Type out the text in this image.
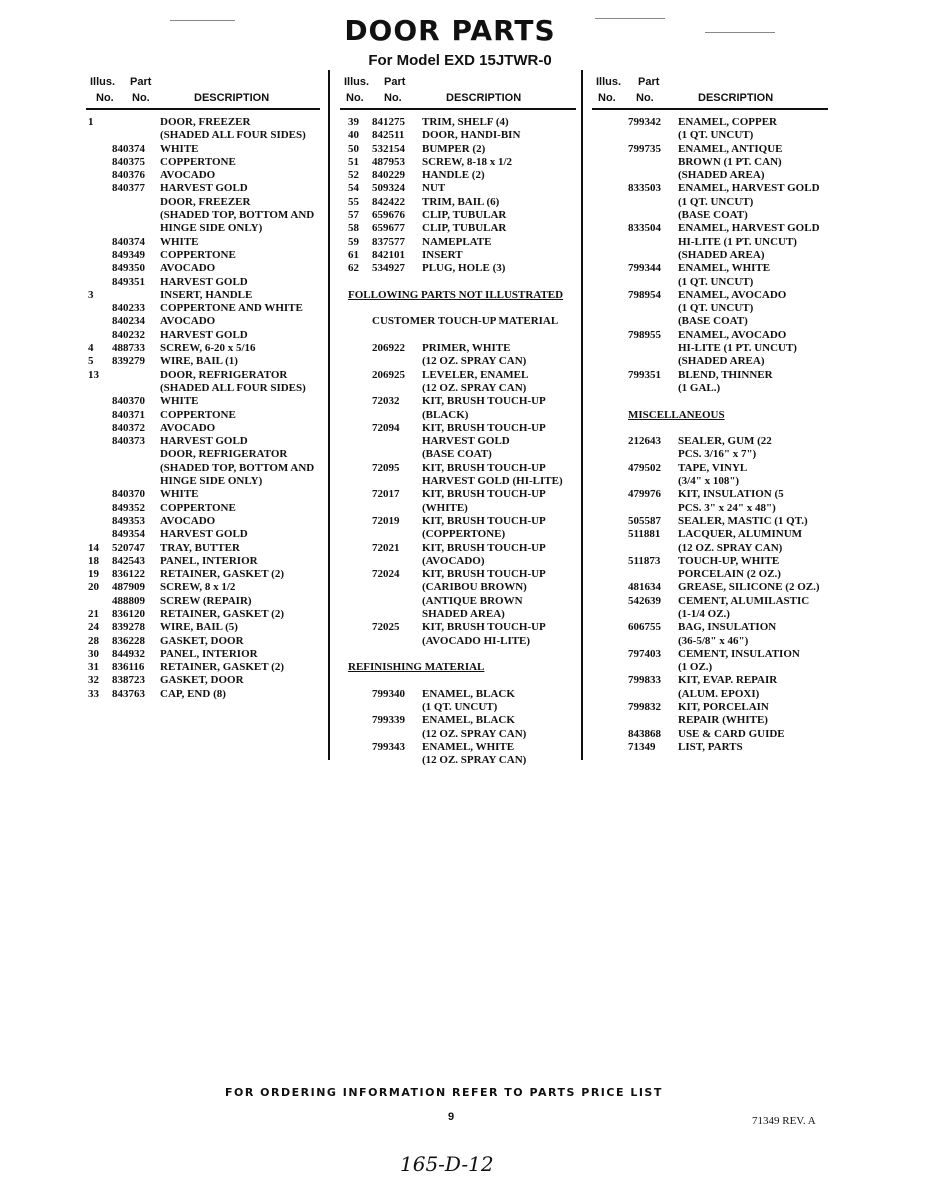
DOOR PARTS
For Model EXD 15JTWR-0
Illus. Part
No. No.	DESCRIPTION
1	DOOR, FREEZER
(SHADED ALL FOUR SIDES)
840374 WHITE
840375 COPPERTONE
840376 AVOCADO
840377 HARVEST GOLD
DOOR, FREEZER
(SHADED TOP, BOTTOM AND
HINGE SIDE ONLY)
840374 WHITE
849349 COPPERTONE
849350 AVOCADO
849351 HARVEST GOLD
3	INSERT, HANDLE
840233 COPPERTONE AND WHITE
840234 AVOCADO
840232 HARVEST GOLD
4 488733 SCREW, 6-20 x 5/16
5 839279 WIRE, BAIL (1)
13	DOOR, REFRIGERATOR
(SHADED ALL FOUR SIDES)
840370 WHITE
840371 COPPERTONE
840372 AVOCADO
840373 HARVEST GOLD
DOOR, REFRIGERATOR
(SHADED TOP, BOTTOM AND
HINGE SIDE ONLY)
840370 WHITE
849352 COPPERTONE
849353 AVOCADO
849354 HARVEST GOLD
14 520747 TRAY, BUTTER
18 842543 PANEL, INTERIOR
19 836122 RETAINER, GASKET (2)
20 487909 SCREW, 8 x 1/2
488809 SCREW (REPAIR)
21 836120 RETAINER, GASKET (2)
24 839278 WIRE, BAIL (5)
28 836228 GASKET, DOOR
30 844932 PANEL, INTERIOR
31 836116 RETAINER, GASKET (2)
32 838723 GASKET, DOOR
33 843763 CAP, END (8)
Illus. Part
No. No.	DESCRIPTION
39 841275 TRIM, SHELF (4)
40 842511 DOOR, HANDI-BIN
50 532154 BUMPER (2)
51 487953 SCREW, 8-18 x 1/2
52 840229 HANDLE (2)
54 509324 NUT
55 842422 TRIM, BAIL (6)
57 659676 CLIP, TUBULAR
58 659677 CLIP, TUBULAR
59 837577 NAMEPLATE
61 842101 INSERT
62 534927 PLUG, HOLE (3)
FOLLOWING PARTS NOT ILLUSTRATED
CUSTOMER TOUCH-UP MATERIAL
206922 PRIMER, WHITE
(12 OZ. SPRAY CAN)
206925 LEVELER, ENAMEL
(12 OZ. SPRAY CAN)
72032 KIT, BRUSH TOUCH-UP
(BLACK)
72094 KIT, BRUSH TOUCH-UP
HARVEST GOLD
(BASE COAT)
72095 KIT, BRUSH TOUCH-UP
HARVEST GOLD (HI-LITE)
72017 KIT, BRUSH TOUCH-UP
(WHITE)
72019 KIT, BRUSH TOUCH-UP
(COPPERTONE)
72021 KIT, BRUSH TOUCH-UP
(AVOCADO)
72024 KIT, BRUSH TOUCH-UP
(CARIBOU BROWN)
(ANTIQUE BROWN
SHADED AREA)
72025 KIT, BRUSH TOUCH-UP
(AVOCADO HI-LITE)
REFINISHING MATERIAL
799340 ENAMEL, BLACK
(1 QT. UNCUT)
799339 ENAMEL, BLACK
(12 OZ. SPRAY CAN)
799343 ENAMEL, WHITE
(12 OZ. SPRAY CAN)
Illus. Part
No. No.	DESCRIPTION
799342 ENAMEL, COPPER
(1 QT. UNCUT)
799735 ENAMEL, ANTIQUE
BROWN (1 PT. CAN)
(SHADED AREA)
833503 ENAMEL, HARVEST GOLD
(1 QT. UNCUT)
(BASE COAT)
833504 ENAMEL, HARVEST GOLD
HI-LITE (1 PT. UNCUT)
(SHADED AREA)
799344 ENAMEL, WHITE
(1 QT. UNCUT)
798954 ENAMEL, AVOCADO
(1 QT. UNCUT)
(BASE COAT)
798955 ENAMEL, AVOCADO
HI-LITE (1 PT. UNCUT)
(SHADED AREA)
799351 BLEND, THINNER
(1 GAL.)
MISCELLANEOUS
212643 SEALER, GUM (22
PCS. 3/16" x 7")
479502 TAPE, VINYL
(3/4" x 108")
479976 KIT, INSULATION (5
PCS. 3" x 24" x 48")
505587 SEALER, MASTIC (1 QT.)
511881 LACQUER, ALUMINUM
(12 OZ. SPRAY CAN)
511873 TOUCH-UP, WHITE
PORCELAIN (2 OZ.)
481634 GREASE, SILICONE (2 OZ.)
542639 CEMENT, ALUMILASTIC
(1-1/4 OZ.)
606755 BAG, INSULATION
(36-5/8" x 46")
797403 CEMENT, INSULATION
(1 OZ.)
799833 KIT, EVAP. REPAIR
(ALUM. EPOXI)
799832 KIT, PORCELAIN
REPAIR (WHITE)
843868 USE & CARD GUIDE
71349 LIST, PARTS
FOR ORDERING INFORMATION REFER TO PARTS PRICE LIST
9	71349 REV. A
165-D-12
